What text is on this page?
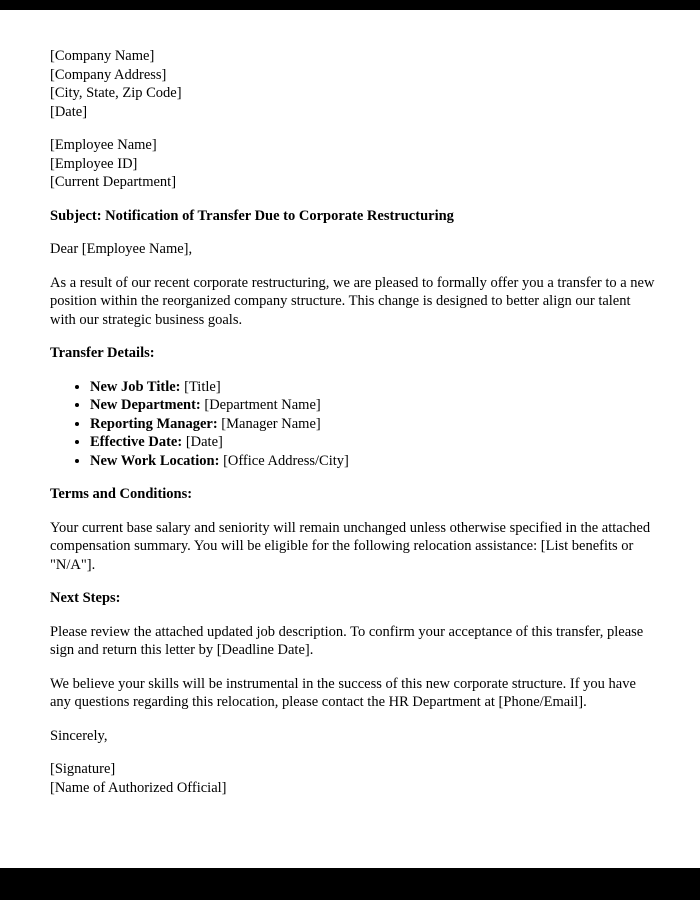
[Company Name]
[Company Address]
[City, State, Zip Code]
[Date]
[Employee Name]
[Employee ID]
[Current Department]

Subject: Notification of Transfer Due to Corporate Restructuring

Dear [Employee Name],

As a result of our recent corporate restructuring, we are pleased to formally offer you a transfer to a new position within the reorganized company structure. This change is designed to better align our talent with our strategic business goals.

Transfer Details:

• New Job Title: [Title]
• New Department: [Department Name]
• Reporting Manager: [Manager Name]
• Effective Date: [Date]
• New Work Location: [Office Address/City]

Terms and Conditions:

Your current base salary and seniority will remain unchanged unless otherwise specified in the attached compensation summary. You will be eligible for the following relocation assistance: [List benefits or "N/A"].

Next Steps:

Please review the attached updated job description. To confirm your acceptance of this transfer, please sign and return this letter by [Deadline Date].

We believe your skills will be instrumental in the success of this new corporate structure. If you have any questions regarding this relocation, please contact the HR Department at [Phone/Email].

Sincerely,

[Signature]

[Name of Authorized Official]
